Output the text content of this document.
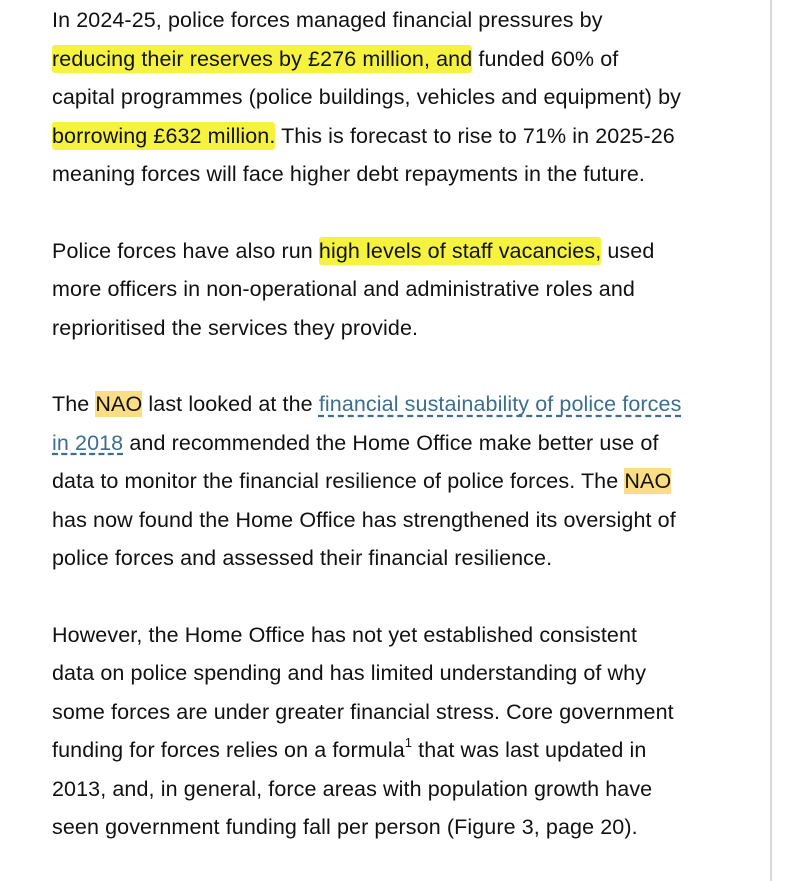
In 2024-25, police forces managed financial pressures by
reducing their reserves by £276 million, and funded 60% of
capital programmes (police buildings, vehicles and equipment) by
borrowing £632 million. This is forecast to rise to 71% in 2025-26
meaning forces will face higher debt repayments in the future.

Police forces have also run high levels of staff vacancies, used
more officers in non-operational and administrative roles and
reprioritised the services they provide.

The NAO last looked at the financial sustainability of police forces
in 2018 and recommended the Home Office make better use of
data to monitor the financial resilience of police forces. The NAO
has now found the Home Office has strengthened its oversight of
police forces and assessed their financial resilience.

However, the Home Office has not yet established consistent
data on police spending and has limited understanding of why
some forces are under greater financial stress. Core government
funding for forces relies on a formula$^1$ that was last updated in
2013, and, in general, force areas with population growth have
seen government funding fall per person (Figure 3, page 20).
